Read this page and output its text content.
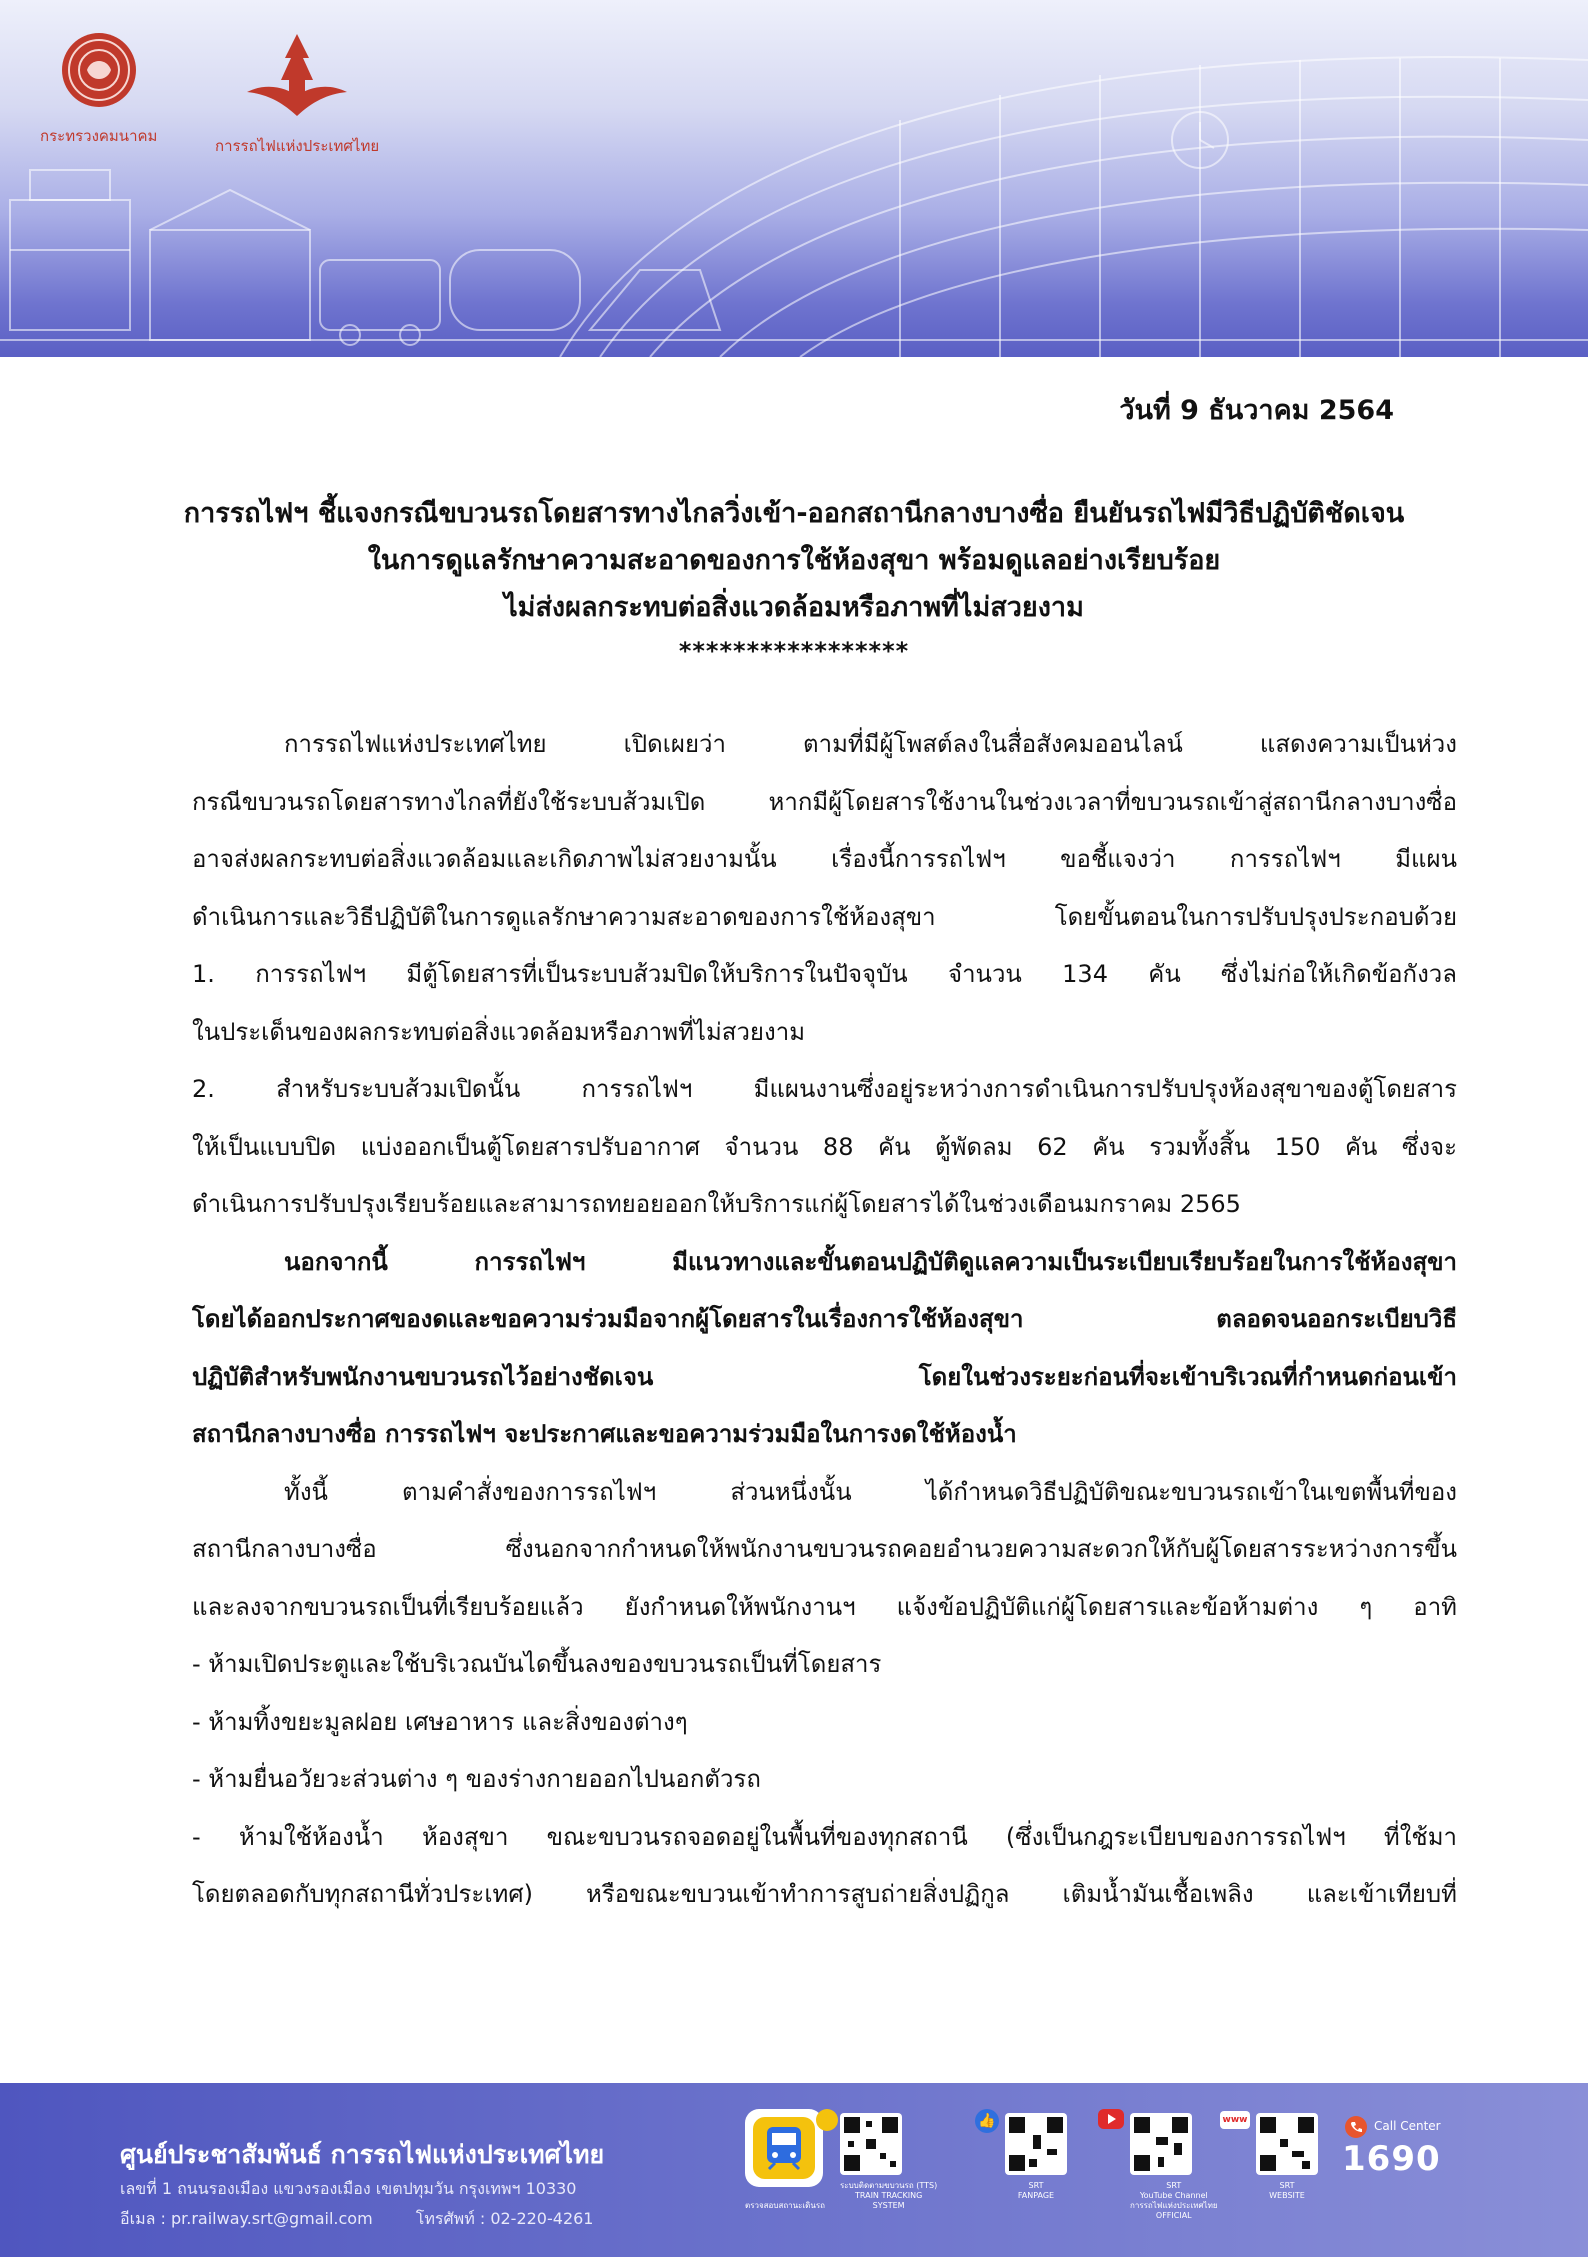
กระทรวงคมนาคม
การรถไฟแห่งประเทศไทย
วันที่ 9 ธันวาคม 2564
การรถไฟฯ ชี้แจงกรณีขบวนรถโดยสารทางไกลวิ่งเข้า-ออกสถานีกลางบางซื่อ ยืนยันรถไฟมีวิธีปฏิบัติชัดเจน
ในการดูแลรักษาความสะอาดของการใช้ห้องสุขา พร้อมดูแลอย่างเรียบร้อย
ไม่ส่งผลกระทบต่อสิ่งแวดล้อมหรือภาพที่ไม่สวยงาม
*****************
การรถไฟแห่งประเทศไทย เปิดเผยว่า ตามที่มีผู้โพสต์ลงในสื่อสังคมออนไลน์ แสดงความเป็นห่วง
กรณีขบวนรถโดยสารทางไกลที่ยังใช้ระบบส้วมเปิด หากมีผู้โดยสารใช้งานในช่วงเวลาที่ขบวนรถเข้าสู่สถานีกลางบางซื่อ
อาจส่งผลกระทบต่อสิ่งแวดล้อมและเกิดภาพไม่สวยงามนั้น เรื่องนี้การรถไฟฯ ขอชี้แจงว่า การรถไฟฯ มีแผน
ดำเนินการและวิธีปฏิบัติในการดูแลรักษาความสะอาดของการใช้ห้องสุขา โดยขั้นตอนในการปรับปรุงประกอบด้วย
1. การรถไฟฯ มีตู้โดยสารที่เป็นระบบส้วมปิดให้บริการในปัจจุบัน จำนวน 134 คัน ซึ่งไม่ก่อให้เกิดข้อกังวล
ในประเด็นของผลกระทบต่อสิ่งแวดล้อมหรือภาพที่ไม่สวยงาม
2. สำหรับระบบส้วมเปิดนั้น การรถไฟฯ มีแผนงานซึ่งอยู่ระหว่างการดำเนินการปรับปรุงห้องสุขาของตู้โดยสาร
ให้เป็นแบบปิด แบ่งออกเป็นตู้โดยสารปรับอากาศ จำนวน 88 คัน ตู้พัดลม 62 คัน รวมทั้งสิ้น 150 คัน ซึ่งจะ
ดำเนินการปรับปรุงเรียบร้อยและสามารถทยอยออกให้บริการแก่ผู้โดยสารได้ในช่วงเดือนมกราคม 2565
นอกจากนี้ การรถไฟฯ มีแนวทางและขั้นตอนปฏิบัติดูแลความเป็นระเบียบเรียบร้อยในการใช้ห้องสุขา
โดยได้ออกประกาศของดและขอความร่วมมือจากผู้โดยสารในเรื่องการใช้ห้องสุขา ตลอดจนออกระเบียบวิธี
ปฏิบัติสำหรับพนักงานขบวนรถไว้อย่างชัดเจน โดยในช่วงระยะก่อนที่จะเข้าบริเวณที่กำหนดก่อนเข้า
สถานีกลางบางซื่อ การรถไฟฯ จะประกาศและขอความร่วมมือในการงดใช้ห้องน้ำ
ทั้งนี้ ตามคำสั่งของการรถไฟฯ ส่วนหนึ่งนั้น ได้กำหนดวิธีปฏิบัติขณะขบวนรถเข้าในเขตพื้นที่ของ
สถานีกลางบางซื่อ ซึ่งนอกจากกำหนดให้พนักงานขบวนรถคอยอำนวยความสะดวกให้กับผู้โดยสารระหว่างการขึ้น
และลงจากขบวนรถเป็นที่เรียบร้อยแล้ว ยังกำหนดให้พนักงานฯ แจ้งข้อปฏิบัติแก่ผู้โดยสารและข้อห้ามต่าง ๆ อาทิ
- ห้ามเปิดประตูและใช้บริเวณบันไดขึ้นลงของขบวนรถเป็นที่โดยสาร
- ห้ามทิ้งขยะมูลฝอย เศษอาหาร และสิ่งของต่างๆ
- ห้ามยื่นอวัยวะส่วนต่าง ๆ ของร่างกายออกไปนอกตัวรถ
- ห้ามใช้ห้องน้ำ ห้องสุขา ขณะขบวนรถจอดอยู่ในพื้นที่ของทุกสถานี (ซึ่งเป็นกฎระเบียบของการรถไฟฯ ที่ใช้มา
โดยตลอดกับทุกสถานีทั่วประเทศ) หรือขณะขบวนเข้าทำการสูบถ่ายสิ่งปฏิกูล เติมน้ำมันเชื้อเพลิง และเข้าเทียบที่
ศูนย์ประชาสัมพันธ์ การรถไฟแห่งประเทศไทย
เลขที่ 1 ถนนรองเมือง แขวงรองเมือง เขตปทุมวัน กรุงเทพฯ 10330
อีเมล : pr.railway.srt@gmail.com	โทรศัพท์ : 02-220-4261
ตรวจสอบสถานะเดินรถ
ระบบติดตามขบวนรถ (TTS)
TRAIN TRACKING
SYSTEM
👍
SRT
FANPAGE
SRT
YouTube Channel
การรถไฟแห่งประเทศไทย
OFFICIAL
www
SRT
WEBSITE
Call Center
1690
